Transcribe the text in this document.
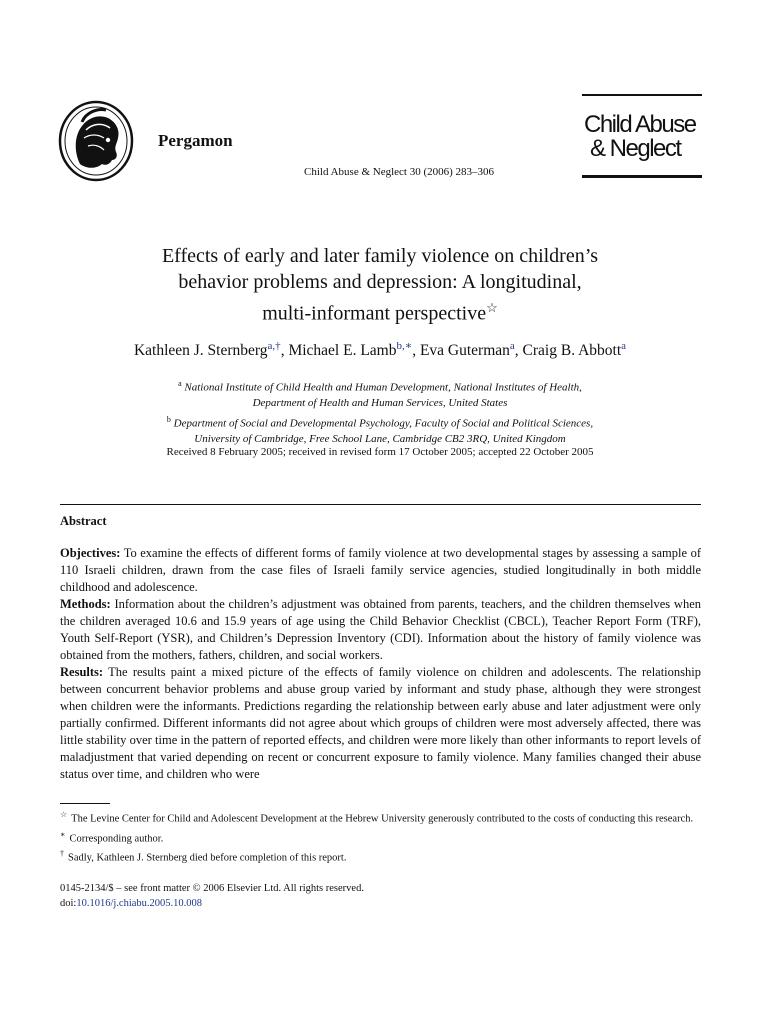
Pergamon
Child Abuse & Neglect 30 (2006) 283–306
Child Abuse
& Neglect
Effects of early and later family violence on children’s
behavior problems and depression: A longitudinal,
multi-informant perspective☆
Kathleen J. Sternberg$^{a,\dagger}$, Michael E. Lamb$^{b,∗}$, Eva Guterman$^a$, Craig B. Abbott$^a$
$^a$ National Institute of Child Health and Human Development, National Institutes of Health,
Department of Health and Human Services, United States
$^b$ Department of Social and Developmental Psychology, Faculty of Social and Political Sciences,
University of Cambridge, Free School Lane, Cambridge CB2 3RQ, United Kingdom
Received 8 February 2005; received in revised form 17 October 2005; accepted 22 October 2005
Abstract

Objectives: To examine the effects of different forms of family violence at two developmental stages by assessing a sample of 110 Israeli children, drawn from the case files of Israeli family service agencies, studied longitudinally in both middle childhood and adolescence.

Methods: Information about the children’s adjustment was obtained from parents, teachers, and the children themselves when the children averaged 10.6 and 15.9 years of age using the Child Behavior Checklist (CBCL), Teacher Report Form (TRF), Youth Self-Report (YSR), and Children’s Depression Inventory (CDI). Information about the history of family violence was obtained from the mothers, fathers, children, and social workers.

Results: The results paint a mixed picture of the effects of family violence on children and adolescents. The relationship between concurrent behavior problems and abuse group varied by informant and study phase, although they were strongest when children were the informants. Predictions regarding the relationship between early abuse and later adjustment were only partially confirmed. Different informants did not agree about which groups of children were most adversely affected, there was little stability over time in the pattern of reported effects, and children were more likely than other informants to report levels of maladjustment that varied depending on recent or concurrent exposure to family violence. Many families changed their abuse status over time, and children who were

☆ The Levine Center for Child and Adolescent Development at the Hebrew University generously contributed to the costs of conducting this research.

∗ Corresponding author.

† Sadly, Kathleen J. Sternberg died before completion of this report.

0145-2134/$ – see front matter © 2006 Elsevier Ltd. All rights reserved.
doi:10.1016/j.chiabu.2005.10.008
